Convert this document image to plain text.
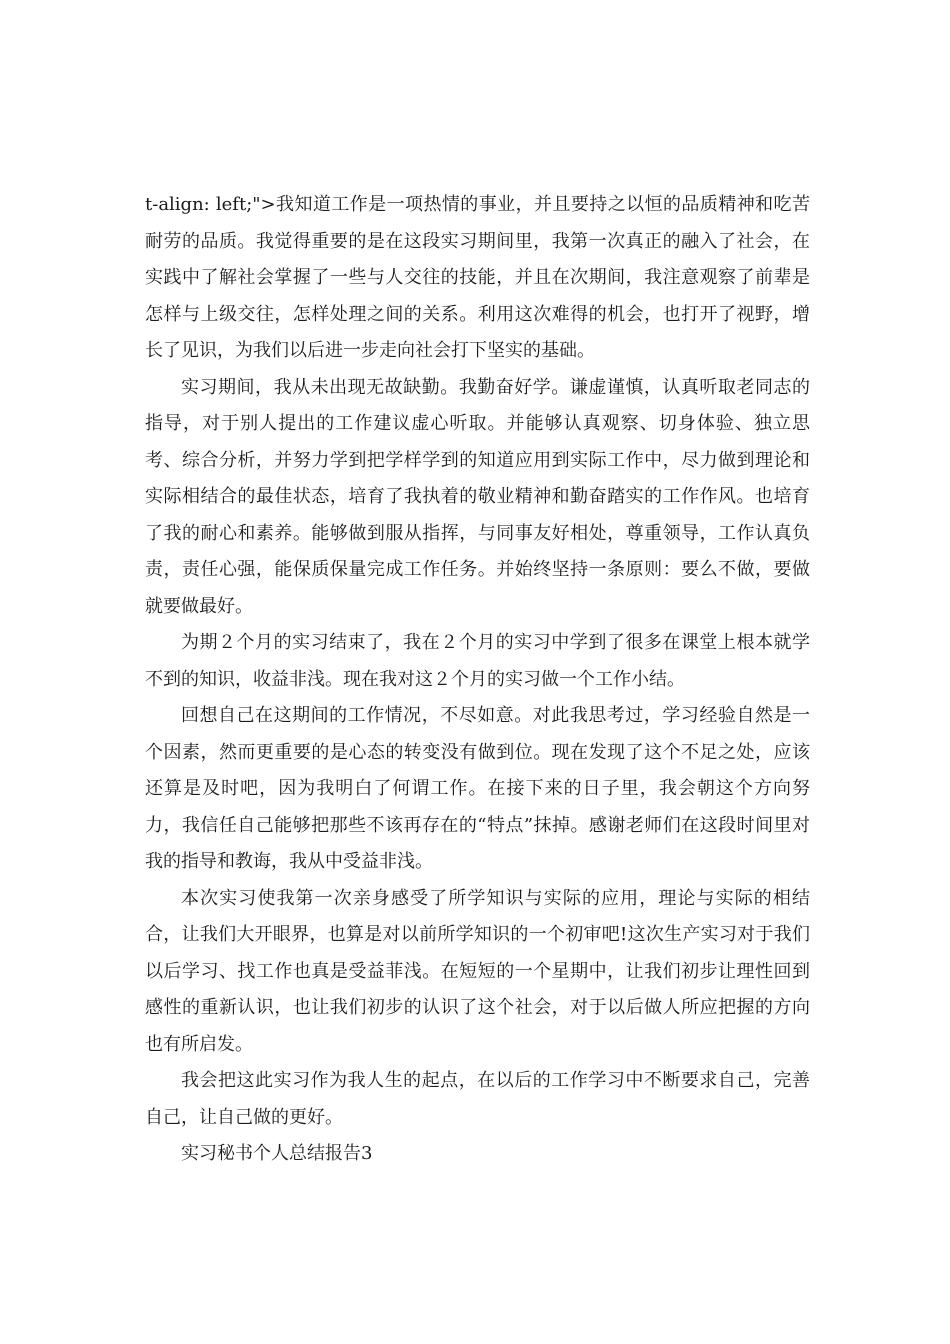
t-align: left;">我知道工作是一项热情的事业，并且要持之以恒的品质精神和吃苦耐劳的品质。我觉得重要的是在这段实习期间里，我第一次真正的融入了社会，在实践中了解社会掌握了一些与人交往的技能，并且在次期间，我注意观察了前辈是怎样与上级交往，怎样处理之间的关系。利用这次难得的机会，也打开了视野，增长了见识，为我们以后进一步走向社会打下坚实的基础。

实习期间，我从未出现无故缺勤。我勤奋好学。谦虚谨慎，认真听取老同志的指导，对于别人提出的工作建议虚心听取。并能够认真观察、切身体验、独立思考、综合分析，并努力学到把学样学到的知道应用到实际工作中，尽力做到理论和实际相结合的最佳状态，培育了我执着的敬业精神和勤奋踏实的工作作风。也培育了我的耐心和素养。能够做到服从指挥，与同事友好相处，尊重领导，工作认真负责，责任心强，能保质保量完成工作任务。并始终坚持一条原则：要么不做，要做就要做最好。

为期２个月的实习结束了，我在２个月的实习中学到了很多在课堂上根本就学不到的知识，收益非浅。现在我对这２个月的实习做一个工作小结。

回想自己在这期间的工作情况，不尽如意。对此我思考过，学习经验自然是一个因素，然而更重要的是心态的转变没有做到位。现在发现了这个不足之处，应该还算是及时吧，因为我明白了何谓工作。在接下来的日子里，我会朝这个方向努力，我信任自己能够把那些不该再存在的“特点”抹掉。感谢老师们在这段时间里对我的指导和教诲，我从中受益非浅。

本次实习使我第一次亲身感受了所学知识与实际的应用，理论与实际的相结合，让我们大开眼界，也算是对以前所学知识的一个初审吧!这次生产实习对于我们以后学习、找工作也真是受益菲浅。在短短的一个星期中，让我们初步让理性回到感性的重新认识，也让我们初步的认识了这个社会，对于以后做人所应把握的方向也有所启发。

我会把这此实习作为我人生的起点，在以后的工作学习中不断要求自己，完善自己，让自己做的更好。

实习秘书个人总结报告3
